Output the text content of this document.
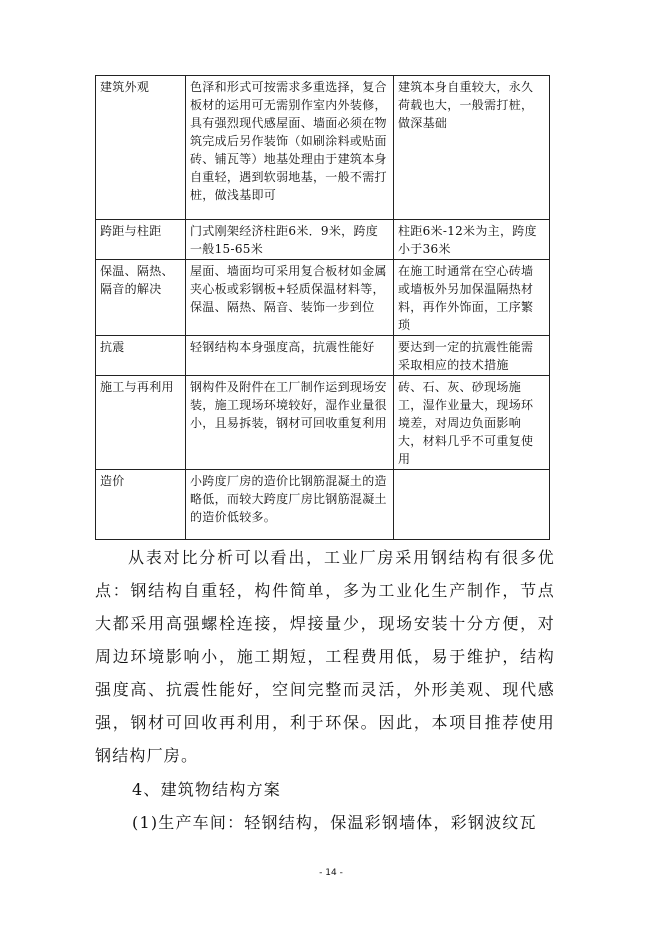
建筑外观	色泽和形式可按需求多重选择，复合板材的运用可无需别作室内外装修，具有强烈现代感屋面、墙面必须在物筑完成后另作装饰（如刷涂料或贴面砖、铺瓦等）地基处理由于建筑本身自重轻，遇到软弱地基，一般不需打桩，做浅基即可	建筑本身自重较大，永久荷载也大，一般需打桩，做深基础
跨距与柱距	门式刚架经济柱距6米．9米，跨度一般15-65米	柱距6米-12米为主，跨度小于36米
保温、隔热、隔音的解决	屋面、墙面均可采用复合板材如金属夹心板或彩钢板+轻质保温材料等，保温、隔热、隔音、装饰一步到位	在施工时通常在空心砖墙或墙板外另加保温隔热材料，再作外饰面，工序繁琐
抗震	轻钢结构本身强度高，抗震性能好	要达到一定的抗震性能需采取相应的技术措施
施工与再利用	钢构件及附件在工厂制作运到现场安装，施工现场环境较好，湿作业量很小，且易拆装，钢材可回收重复利用	砖、石、灰、砂现场施工，湿作业量大，现场环境差，对周边负面影响大，材料几乎不可重复使用
造价	小跨度厂房的造价比钢筋混凝土的造略低，而较大跨度厂房比钢筋混凝土的造价低较多。	
从表对比分析可以看出，工业厂房采用钢结构有很多优点：钢结构自重轻，构件简单，多为工业化生产制作，节点大都采用高强螺栓连接，焊接量少，现场安装十分方便，对周边环境影响小，施工期短，工程费用低，易于维护，结构强度高、抗震性能好，空间完整而灵活，外形美观、现代感强，钢材可回收再利用，利于环保。因此，本项目推荐使用钢结构厂房。
4、建筑物结构方案
(1)生产车间：轻钢结构，保温彩钢墙体，彩钢波纹瓦
- 14 -
